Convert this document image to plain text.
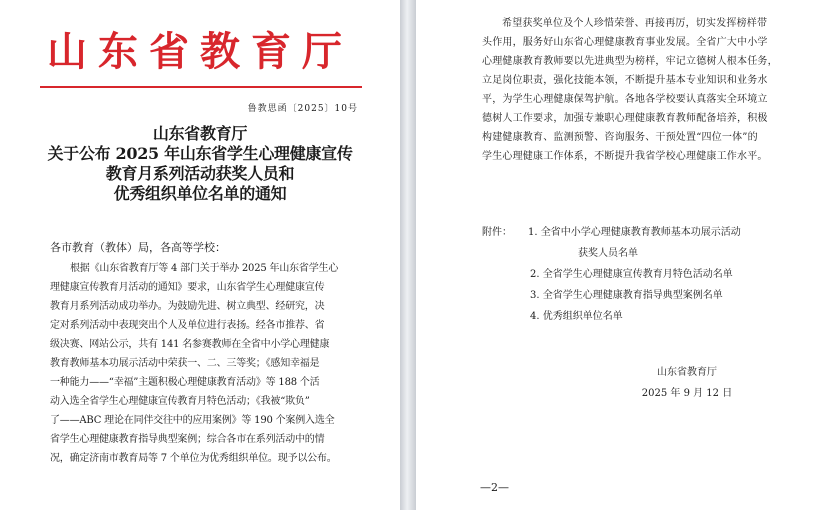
山东省教育厅
鲁教思函〔2025〕10号
山东省教育厅
关于公布 2025 年山东省学生心理健康宣传
教育月系列活动获奖人员和
优秀组织单位名单的通知
各市教育（教体）局，各高等学校：
根据《山东省教育厅等 4 部门关于举办 2025 年山东省学生心
理健康宣传教育月活动的通知》要求，山东省学生心理健康宣传
教育月系列活动成功举办。为鼓励先进、树立典型、经研究，决
定对系列活动中表现突出个人及单位进行表扬。经各市推荐、省
级决赛、网站公示，共有 141 名参赛教师在全省中小学心理健康
教育教师基本功展示活动中荣获一、二、三等奖；《感知幸福是
一种能力——“幸福”主题积极心理健康教育活动》等 188 个活
动入选全省学生心理健康宣传教育月特色活动；《我被“欺负”
了——ABC 理论在同伴交往中的应用案例》等 190 个案例入选全
省学生心理健康教育指导典型案例；综合各市在系列活动中的情
况，确定济南市教育局等 7 个单位为优秀组织单位。现予以公布。
希望获奖单位及个人珍惜荣誉、再接再厉，切实发挥榜样带
头作用，服务好山东省心理健康教育事业发展。全省广大中小学
心理健康教育教师要以先进典型为榜样，牢记立德树人根本任务，
立足岗位职责，强化技能本领，不断提升基本专业知识和业务水
平，为学生心理健康保驾护航。各地各学校要认真落实全环境立
德树人工作要求，加强专兼职心理健康教育教师配备培养，积极
构建健康教育、监测预警、咨询服务、干预处置“四位一体”的
学生心理健康工作体系，不断提升我省学校心理健康工作水平。
附件： 1. 全省中小学心理健康教育教师基本功展示活动
获奖人员名单
2. 全省学生心理健康宣传教育月特色活动名单
3. 全省学生心理健康教育指导典型案例名单
4. 优秀组织单位名单
山东省教育厅
2025 年 9 月 12 日
—2—
